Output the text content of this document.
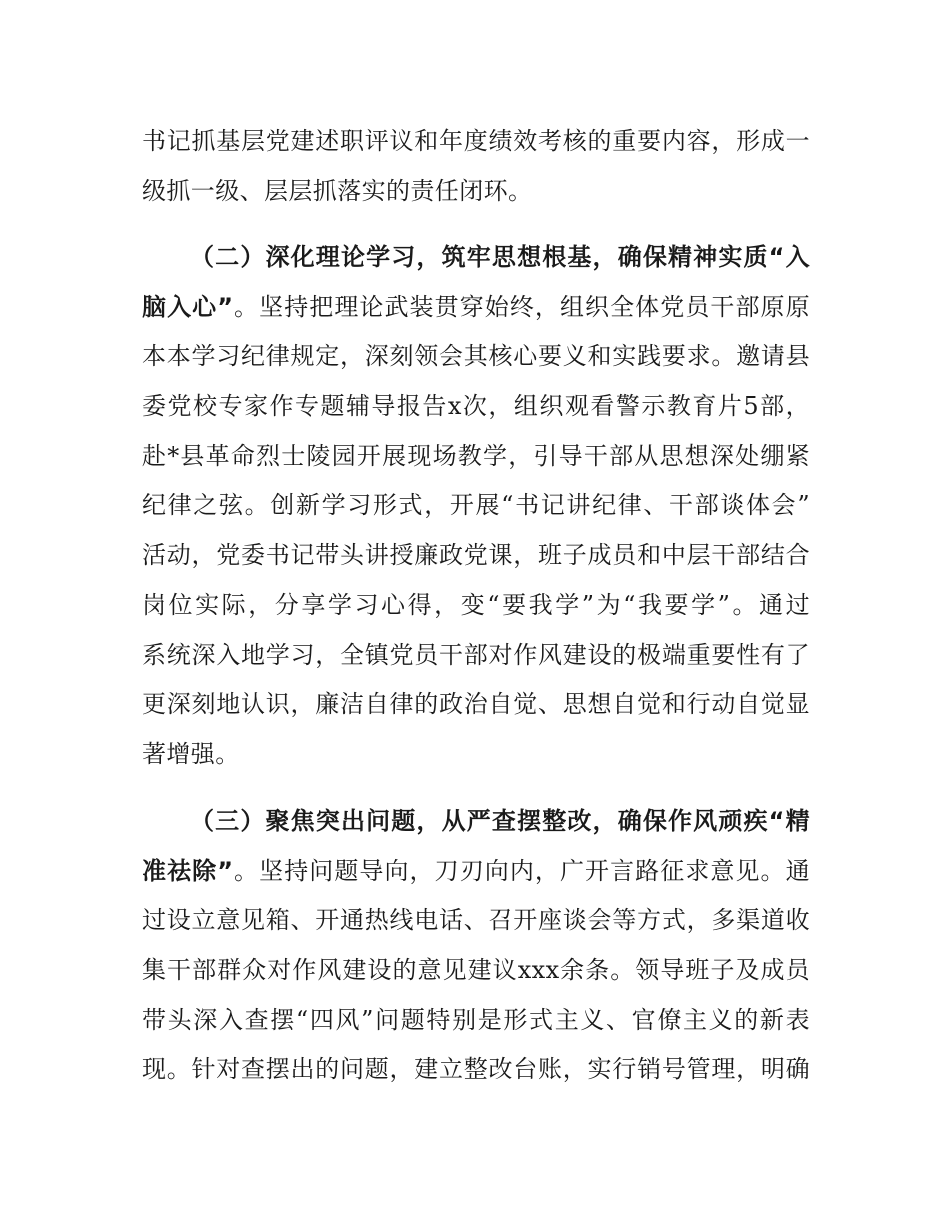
书记抓基层党建述职评议和年度绩效考核的重要内容，形成一
级抓一级、层层抓落实的责任闭环。
（二）深化理论学习，筑牢思想根基，确保精神实质“入
脑入心”。坚持把理论武装贯穿始终，组织全体党员干部原原
本本学习纪律规定，深刻领会其核心要义和实践要求。邀请县
委党校专家作专题辅导报告x次，组织观看警示教育片5部，
赴*县革命烈士陵园开展现场教学，引导干部从思想深处绷紧
纪律之弦。创新学习形式，开展“书记讲纪律、干部谈体会”
活动，党委书记带头讲授廉政党课，班子成员和中层干部结合
岗位实际，分享学习心得，变“要我学”为“我要学”。通过
系统深入地学习，全镇党员干部对作风建设的极端重要性有了
更深刻地认识，廉洁自律的政治自觉、思想自觉和行动自觉显
著增强。
（三）聚焦突出问题，从严查摆整改，确保作风顽疾“精
准祛除”。坚持问题导向，刀刃向内，广开言路征求意见。通
过设立意见箱、开通热线电话、召开座谈会等方式，多渠道收
集干部群众对作风建设的意见建议xxx余条。领导班子及成员
带头深入查摆“四风”问题特别是形式主义、官僚主义的新表
现。针对查摆出的问题，建立整改台账，实行销号管理，明确
